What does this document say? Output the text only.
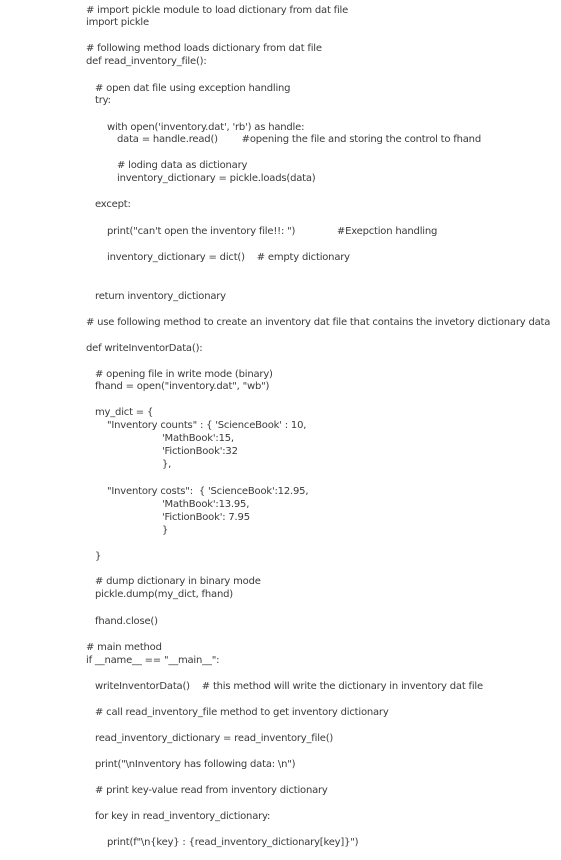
# import pickle module to load dictionary from dat file
import pickle
# following method loads dictionary from dat file
def read_inventory_file():
# open dat file using exception handling
try:
with open('inventory.dat', 'rb') as handle:
data = handle.read()        #opening the file and storing the control to fhand
# loding data as dictionary
inventory_dictionary = pickle.loads(data)
except:
print("can't open the inventory file!!: ")              #Exepction handling
inventory_dictionary = dict()    # empty dictionary
return inventory_dictionary
# use following method to create an inventory dat file that contains the invetory dictionary data
def writeInventorData():
# opening file in write mode (binary)
fhand = open("inventory.dat", "wb")
my_dict = {
"Inventory counts" : { 'ScienceBook' : 10,
'MathBook':15,
'FictionBook':32
},
"Inventory costs":  { 'ScienceBook':12.95,
'MathBook':13.95,
'FictionBook': 7.95
}
}
# dump dictionary in binary mode
pickle.dump(my_dict, fhand)
fhand.close()
# main method
if __name__ == "__main__":
writeInventorData()    # this method will write the dictionary in inventory dat file
# call read_inventory_file method to get inventory dictionary
read_inventory_dictionary = read_inventory_file()
print("\nInventory has following data: \n")
# print key-value read from inventory dictionary
for key in read_inventory_dictionary:
print(f"\n{key} : {read_inventory_dictionary[key]}")
